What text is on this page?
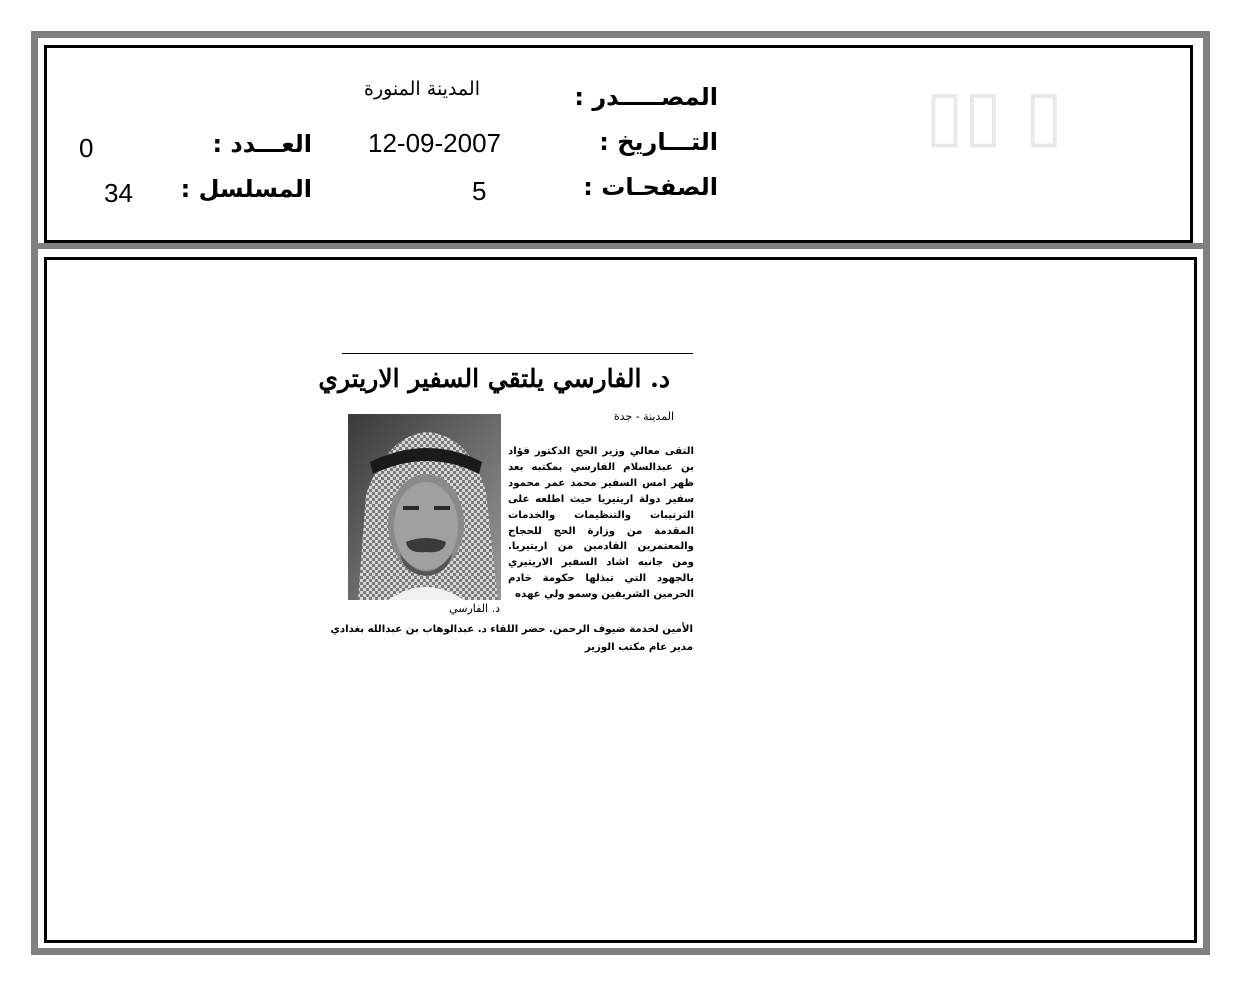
▯▯ ▯
المصـــــدر :
المدينة المنورة
التـــاريخ :
12-09-2007
الصفحـات :
5
العـــدد :
0
المسلسل :
34
د. الفارسي يلتقي السفير الاريتري
المدينة - جدة
د. الفارسي
التقى معالي وزير الحج الدكتور فؤاد بن عبدالسلام الفارسي بمكتبه بعد ظهر امس السفير محمد عمر محمود سفير دولة اريتيريا حيث اطلعه على الترتيبات والتنظيمات والخدمات المقدمة من وزارة الحج للحجاج والمعتمرين القادمين من اريتيريا. ومن جانبه اشاد السفير الاريتيري بالجهود التي تبذلها حكومة خادم الحرمين الشريفين وسمو ولي عهده
الأمين لخدمة ضيوف الرحمن. حضر اللقاء د. عبدالوهاب بن عبدالله بغدادي
مدير عام مكتب الوزير
